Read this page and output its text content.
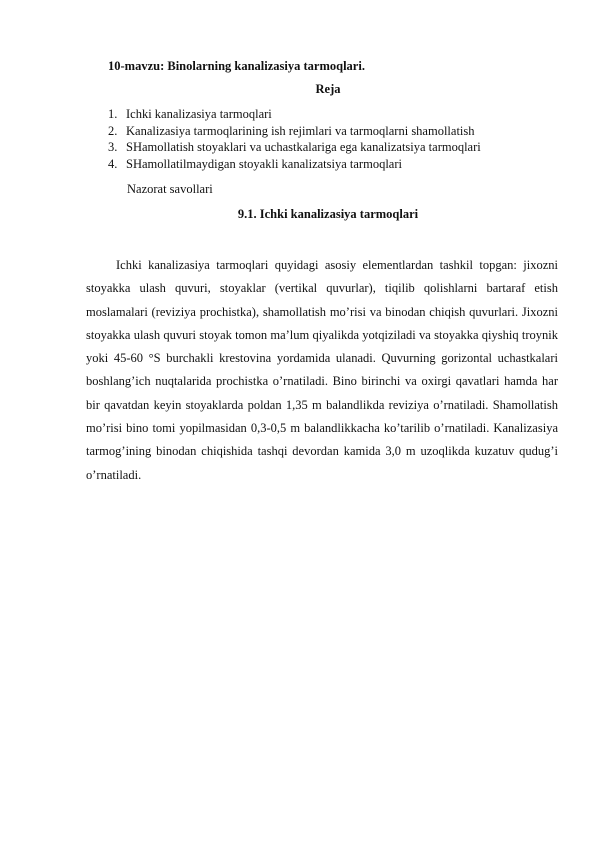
10-mavzu: Binolarning kanalizasiya tarmoqlari.
Reja
1. Ichki kanalizasiya tarmoqlari
2. Kanalizasiya tarmoqlarining ish rejimlari va tarmoqlarni shamollatish
3. SHamollatish stoyaklari va uchastkalariga ega kanalizatsiya tarmoqlari
4. SHamollatilmaydigan stoyakli kanalizatsiya tarmoqlari
Nazorat savollari
9.1. Ichki kanalizasiya tarmoqlari

Ichki kanalizasiya tarmoqlari quyidagi asosiy elementlardan tashkil topgan: jixozni stoyakka ulash quvuri, stoyaklar (vertikal quvurlar), tiqilib qolishlarni bartaraf etish moslamalari (reviziya prochistka), shamollatish mo’risi va binodan chiqish quvurlari. Jixozni stoyakka ulash quvuri stoyak tomon ma’lum qiyalikda yotqiziladi va stoyakka qiyshiq troynik yoki 45-60 °S burchakli krestovina yordamida ulanadi. Quvurning gorizontal uchastkalari boshlang’ich nuqtalarida prochistka o’rnatiladi. Bino birinchi va oxirgi qavatlari hamda har bir qavatdan keyin stoyaklarda poldan 1,35 m balandlikda reviziya o’rnatiladi. Shamollatish mo’risi bino tomi yopilmasidan 0,3-0,5 m balandlikkacha ko’tarilib o’rnatiladi. Kanalizasiya tarmog’ining binodan chiqishida tashqi devordan kamida 3,0 m uzoqlikda kuzatuv qudug’i o’rnatiladi.
